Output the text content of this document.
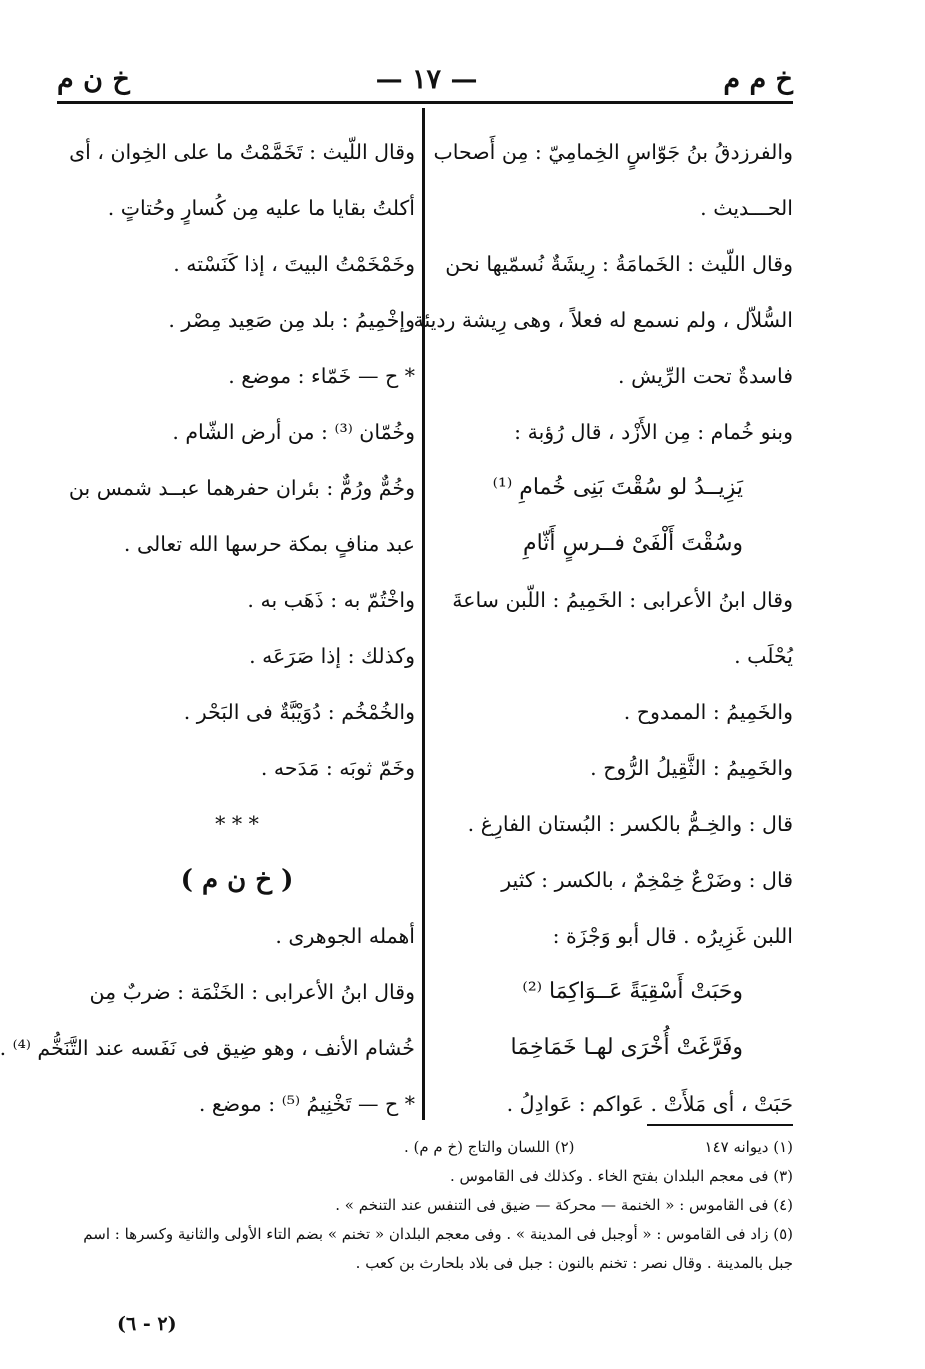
خ م م
— ١٧ —
خ ن م
والفرزدقُ بنُ جَوّاسٍ الخِمامِيّ : مِن أَصحاب
الحـــديث .
وقال اللّيث : الخَمامَةُ : رِيشَةٌ نُسمّيها نحن
السُّلاّل ، ولم نسمع له فعلاً ، وهى رِيشة رديئة
فاسدةٌ تحت الرِّيش .
وبنو خُمام : مِن الأَزْد ، قال رُؤبة :
يَزِيــدُ لو سُقْتَ بَنِى خُمامِ ⁽¹⁾
وسُقْتَ أَلْفَىْ فــرسٍ أَثّامِ
وقال ابنُ الأعرابى : الخَمِيمُ : اللّبن ساعةَ
يُحْلَب .
والخَمِيمُ : الممدوح .
والخَمِيمُ : الثَّقِيلُ الرُّوح .
قال : والخِـمُّ بالكسر : البُستان الفارِغ .
قال : وضَرْعٌ خِمْخِمٌ ، بالكسر : كثير
اللبن غَزِيرُه . قال أبو وَجْزَة :
وحَبَتْ أَسْقِيَةً عَــوَاكِمَا ⁽²⁾
وفَرَّغَتْ أُخْرَى لهـا خَمَاخِمَا
حَبَتْ ، أى مَلأَتْ . عَواكم : عَوادِلُ .
وقال اللّيث : تَخَمَّمْتُ ما على الخِوان ، أى
أكلتُ بقايا ما عليه مِن كُسارٍ وحُتاتٍ .
وخَمْخَمْتُ البيتَ ، إذا كَنَسْته .
وإخْمِيمُ : بلد مِن صَعِيد مِصْر .
* ح — خَمّاء : موضع .
وخُمّان ⁽³⁾ : من أرض الشّام .
وخُمٌّ ورُمٌّ : بئران حفرهما عبــد شمس بن
عبد منافٍ بمكة حرسها الله تعالى .
واخْتُمّ به : ذَهَب به .
وكذلك : إذا صَرَعَه .
والخُمْخُم : دُوَيْبَّةٌ فى البَحْر .
وخَمّ ثوبَه : مَدَحه .
* * *
( خ ن م )
أهمله الجوهرى .
وقال ابنُ الأعرابى : الخَنْمَة : ضربٌ مِن
خُشام الأنف ، وهو ضِيق فى نَفَسه عند التَّنَخُّم ⁽⁴⁾ .
* ح — تَخْنِيمُ ⁽⁵⁾ : موضع .
(١) ديوانه ١٤٧
(٢) اللسان والتاج (خ م م) .
(٣) فى معجم البلدان بفتح الخاء . وكذلك فى القاموس .
(٤) فى القاموس : « الخنمة — محركة — ضيق فى التنفس عند التنخم » .
(٥) زاد فى القاموس : « أوجبل فى المدينة » . وفى معجم البلدان « تخنم » بضم التاء الأولى والثانية وكسرها : اسم
جبل بالمدينة . وقال نصر : تخنم بالنون : جبل فى بلاد بلحارث بن كعب .
(٢ - ٦)
